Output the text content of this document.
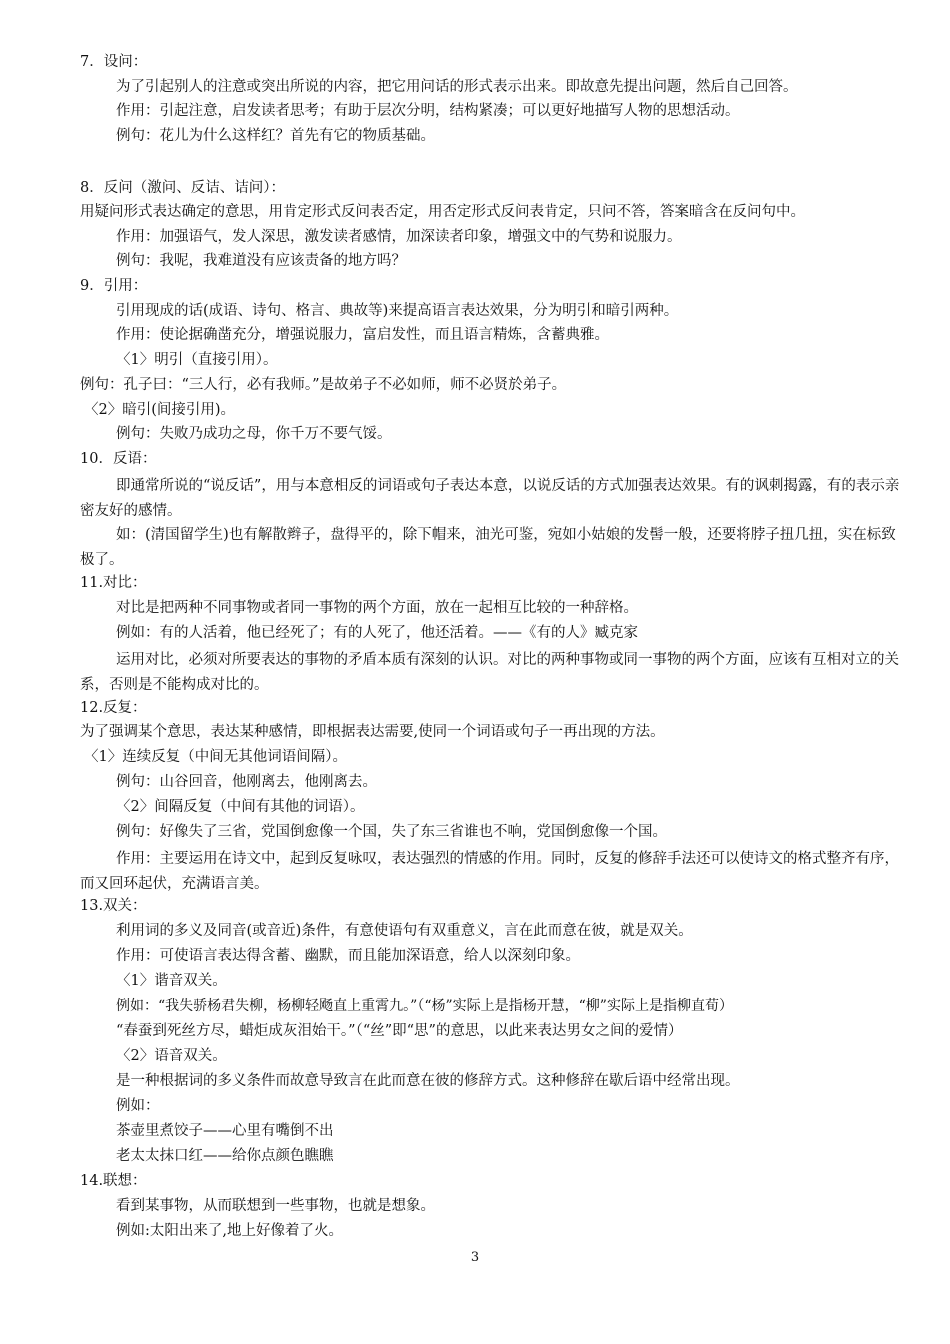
7．设问：
为了引起别人的注意或突出所说的内容，把它用问话的形式表示出来。即故意先提出问题，然后自己回答。
作用：引起注意，启发读者思考；有助于层次分明，结构紧凑；可以更好地描写人物的思想活动。
例句：花儿为什么这样红？首先有它的物质基础。
8．反问（激问、反诘、诘问）：
用疑问形式表达确定的意思，用肯定形式反问表否定，用否定形式反问表肯定，只问不答，答案暗含在反问句中。
作用：加强语气，发人深思，激发读者感情，加深读者印象，增强文中的气势和说服力。
例句：我呢，我难道没有应该责备的地方吗？
9．引用：
引用现成的话(成语、诗句、格言、典故等)来提高语言表达效果，分为明引和暗引两种。
作用：使论据确凿充分，增强说服力，富启发性，而且语言精炼，含蓄典雅。
〈1〉明引（直接引用）。
例句：孔子曰：“三人行，必有我师。”是故弟子不必如师，师不必贤於弟子。
〈2〉暗引(间接引用)。
例句：失败乃成功之母，你千万不要气馁。
10．反语：
即通常所说的“说反话”，用与本意相反的词语或句子表达本意，以说反话的方式加强表达效果。有的讽刺揭露，有的表示亲密友好的感情。
如：(清国留学生)也有解散辫子，盘得平的，除下帽来，油光可鉴，宛如小姑娘的发髻一般，还要将脖子扭几扭，实在标致极了。
11.对比：
对比是把两种不同事物或者同一事物的两个方面，放在一起相互比较的一种辞格。
例如：有的人活着，他已经死了；有的人死了，他还活着。——《有的人》臧克家
运用对比，必须对所要表达的事物的矛盾本质有深刻的认识。对比的两种事物或同一事物的两个方面，应该有互相对立的关系，否则是不能构成对比的。
12.反复：
为了强调某个意思，表达某种感情，即根据表达需要,使同一个词语或句子一再出现的方法。
〈1〉连续反复（中间无其他词语间隔）。
例句：山谷回音，他刚离去，他刚离去。
〈2〉间隔反复（中间有其他的词语）。
例句：好像失了三省，党国倒愈像一个国，失了东三省谁也不响，党国倒愈像一个国。
作用：主要运用在诗文中，起到反复咏叹，表达强烈的情感的作用。同时，反复的修辞手法还可以使诗文的格式整齐有序，而又回环起伏，充满语言美。
13.双关：
利用词的多义及同音(或音近)条件，有意使语句有双重意义，言在此而意在彼，就是双关。
作用：可使语言表达得含蓄、幽默，而且能加深语意，给人以深刻印象。
〈1〉谐音双关。
例如：“我失骄杨君失柳，杨柳轻飏直上重霄九。”（“杨”实际上是指杨开慧，“柳”实际上是指柳直荀）
“春蚕到死丝方尽，蜡炬成灰泪始干。”（“丝”即“思”的意思，以此来表达男女之间的爱情）
〈2〉语音双关。
是一种根据词的多义条件而故意导致言在此而意在彼的修辞方式。这种修辞在歇后语中经常出现。
例如：
茶壶里煮饺子——心里有嘴倒不出
老太太抹口红——给你点颜色瞧瞧
14.联想：
看到某事物，从而联想到一些事物，也就是想象。
例如:太阳出来了,地上好像着了火。
3
